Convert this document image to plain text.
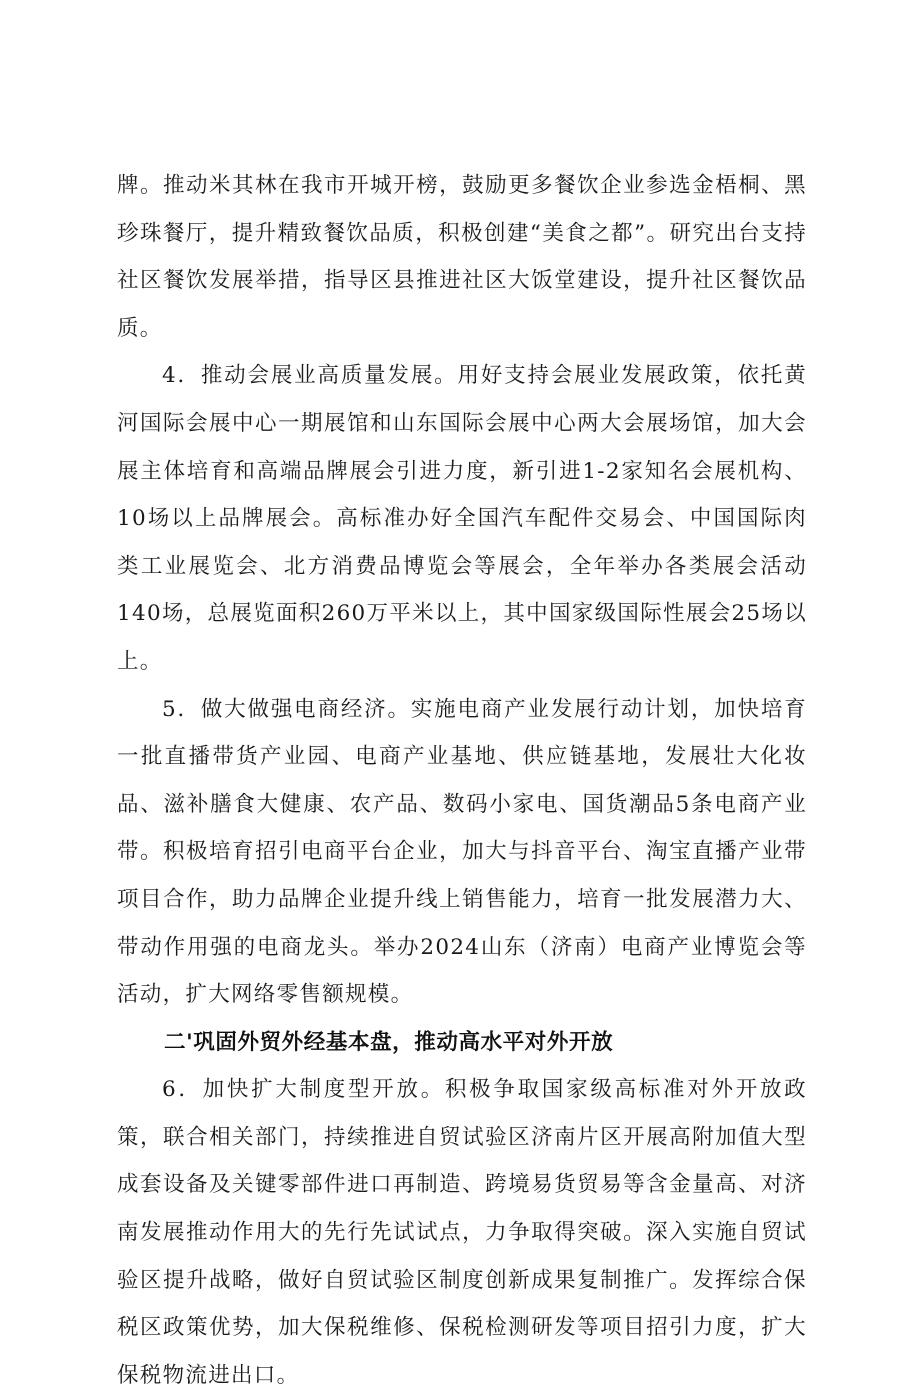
牌。推动米其林在我市开城开榜，鼓励更多餐饮企业参选金梧桐、黑珍珠餐厅，提升精致餐饮品质，积极创建“美食之都”。研究出台支持社区餐饮发展举措，指导区县推进社区大饭堂建设，提升社区餐饮品质。

4．推动会展业高质量发展。用好支持会展业发展政策，依托黄河国际会展中心一期展馆和山东国际会展中心两大会展场馆，加大会展主体培育和高端品牌展会引进力度，新引进1-2家知名会展机构、10场以上品牌展会。高标准办好全国汽车配件交易会、中国国际肉类工业展览会、北方消费品博览会等展会，全年举办各类展会活动140场，总展览面积260万平米以上，其中国家级国际性展会25场以上。

5．做大做强电商经济。实施电商产业发展行动计划，加快培育一批直播带货产业园、电商产业基地、供应链基地，发展壮大化妆品、滋补膳食大健康、农产品、数码小家电、国货潮品5条电商产业带。积极培育招引电商平台企业，加大与抖音平台、淘宝直播产业带项目合作，助力品牌企业提升线上销售能力，培育一批发展潜力大、带动作用强的电商龙头。举办2024山东（济南）电商产业博览会等活动，扩大网络零售额规模。

二'巩固外贸外经基本盘，推动高水平对外开放

6．加快扩大制度型开放。积极争取国家级高标准对外开放政策，联合相关部门，持续推进自贸试验区济南片区开展高附加值大型成套设备及关键零部件进口再制造、跨境易货贸易等含金量高、对济南发展推动作用大的先行先试试点，力争取得突破。深入实施自贸试验区提升战略，做好自贸试验区制度创新成果复制推广。发挥综合保税区政策优势，加大保税维修、保税检测研发等项目招引力度，扩大保税物流进出口。
